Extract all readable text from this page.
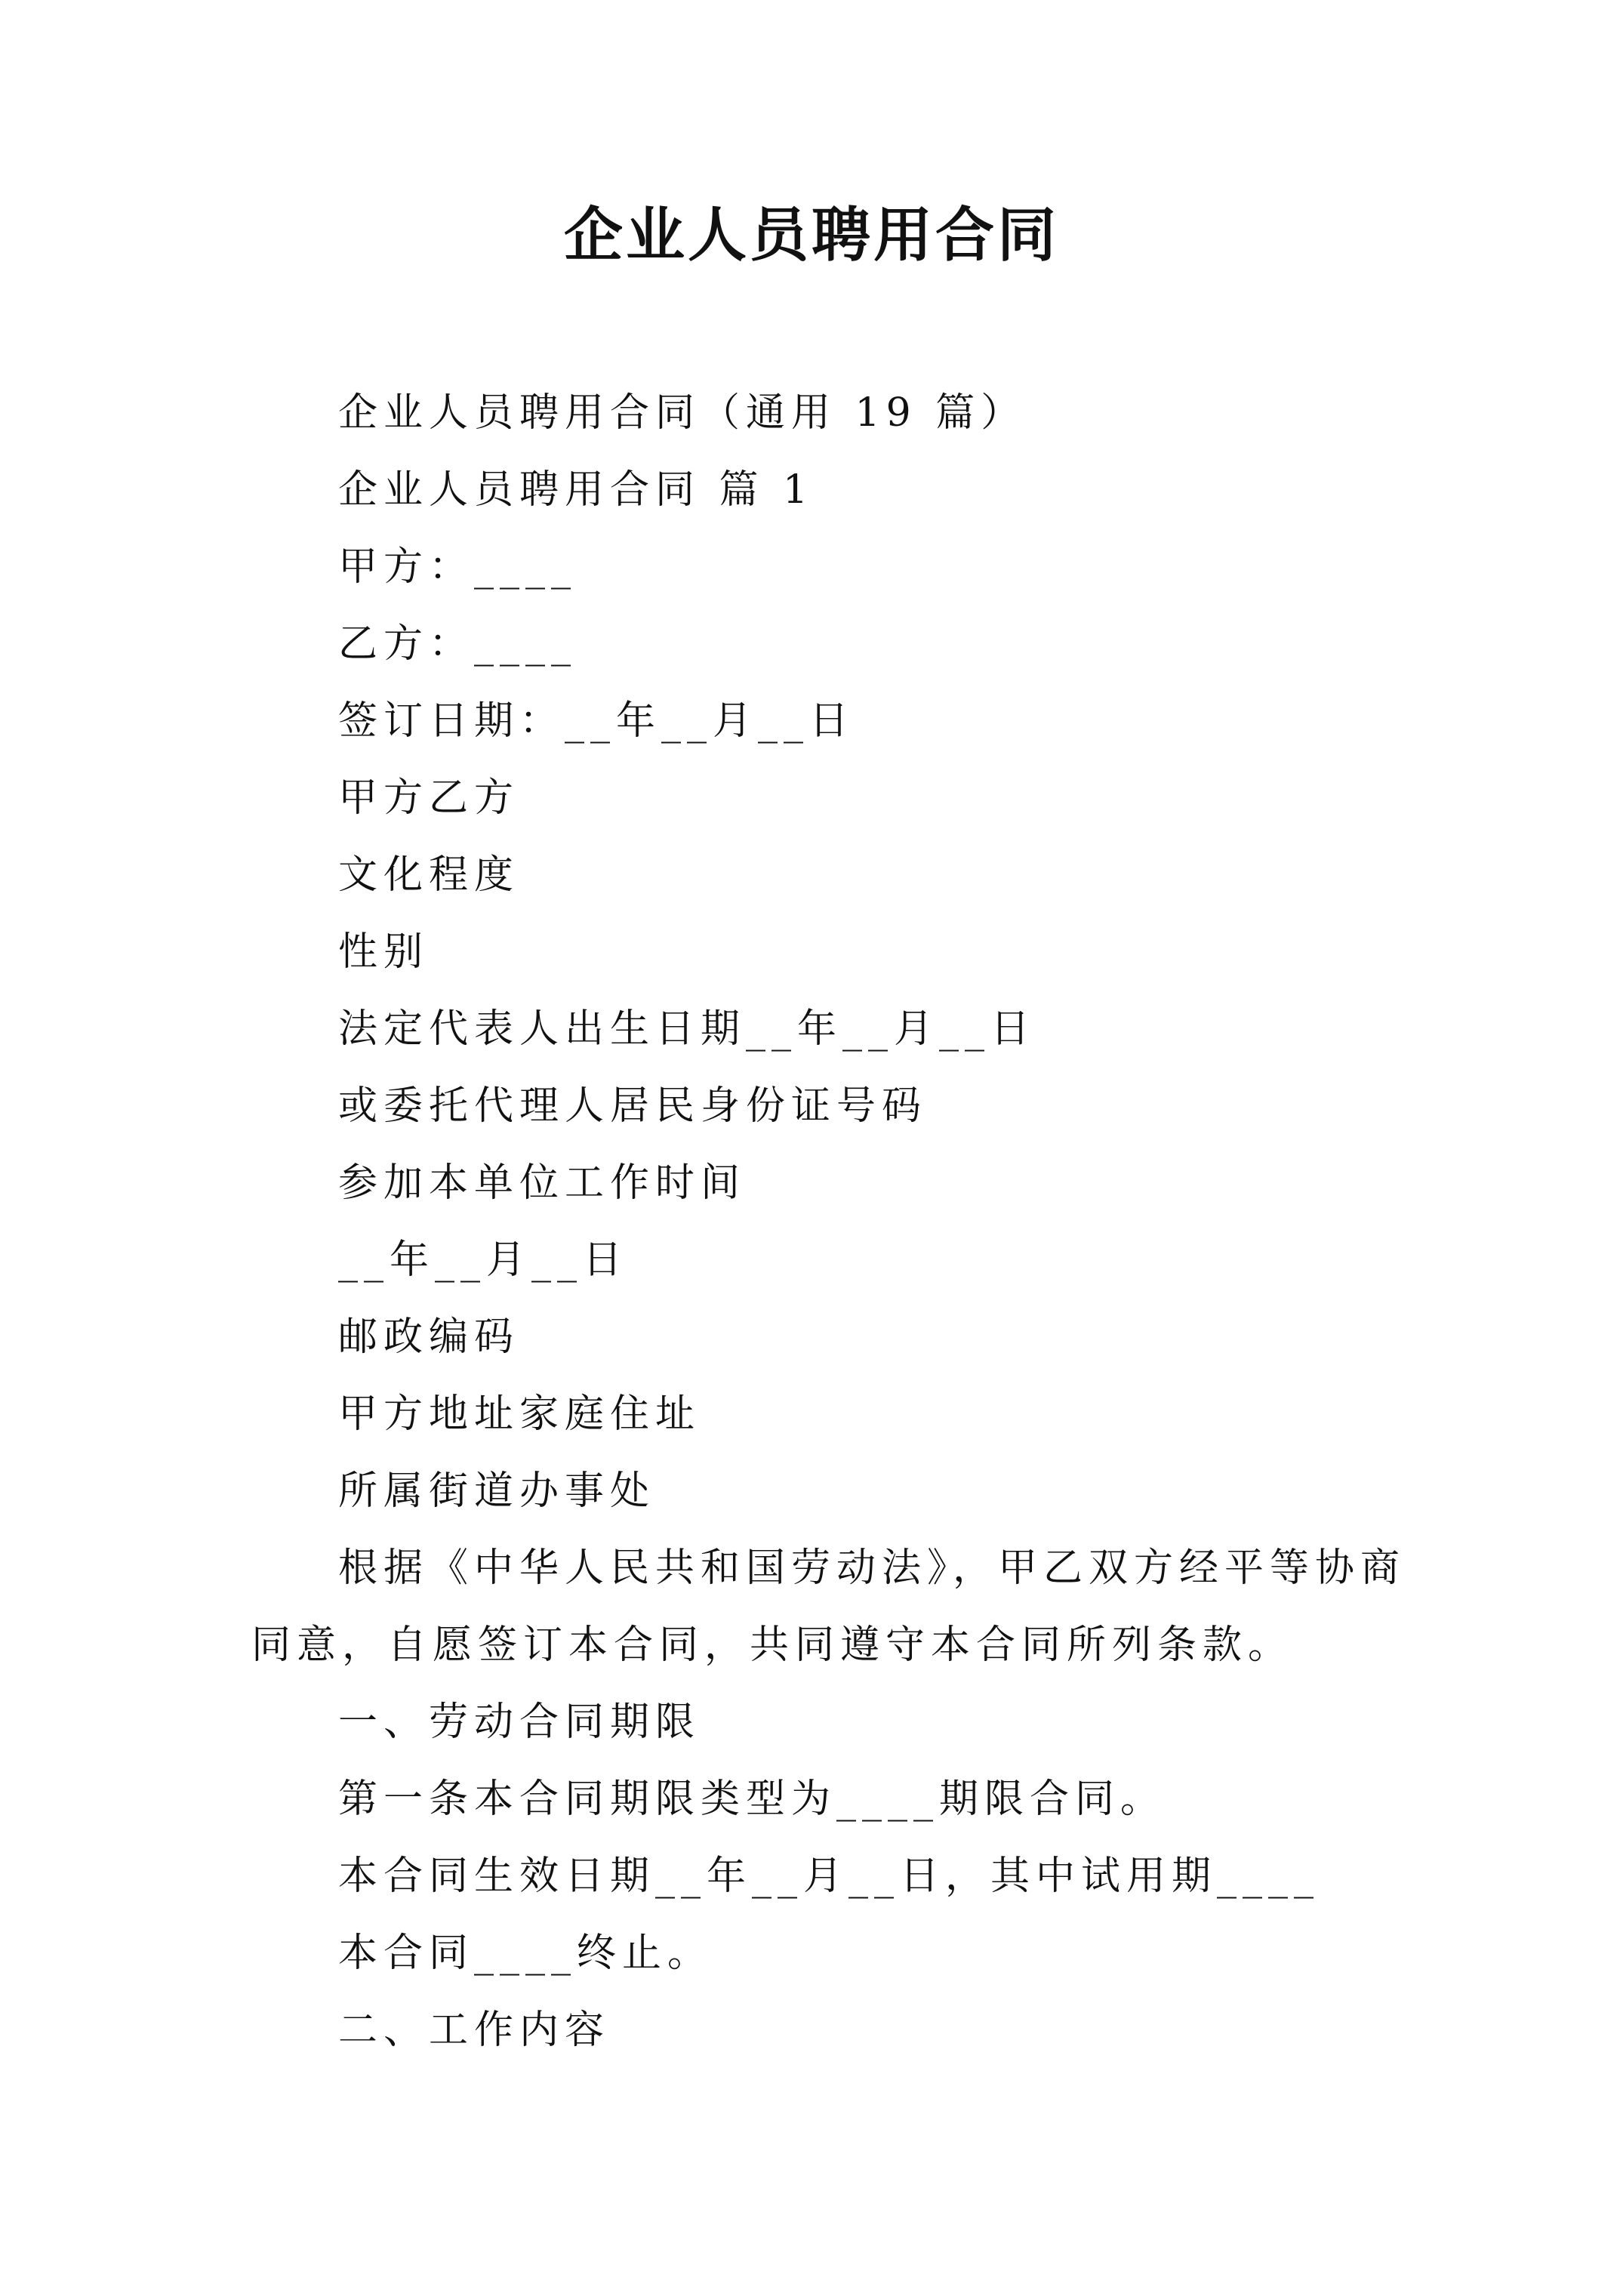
企业人员聘用合同
企业人员聘用合同（通用 19 篇）
企业人员聘用合同 篇 1
甲方：____
乙方：____
签订日期：__年__月__日
甲方乙方
文化程度
性别
法定代表人出生日期__年__月__日
或委托代理人居民身份证号码
参加本单位工作时间
__年__月__日
邮政编码
甲方地址家庭住址
所属街道办事处
根据《中华人民共和国劳动法》，甲乙双方经平等协商
同意，自愿签订本合同，共同遵守本合同所列条款。
一、劳动合同期限
第一条本合同期限类型为____期限合同。
本合同生效日期__年__月__日，其中试用期____
本合同____终止。
二、工作内容
